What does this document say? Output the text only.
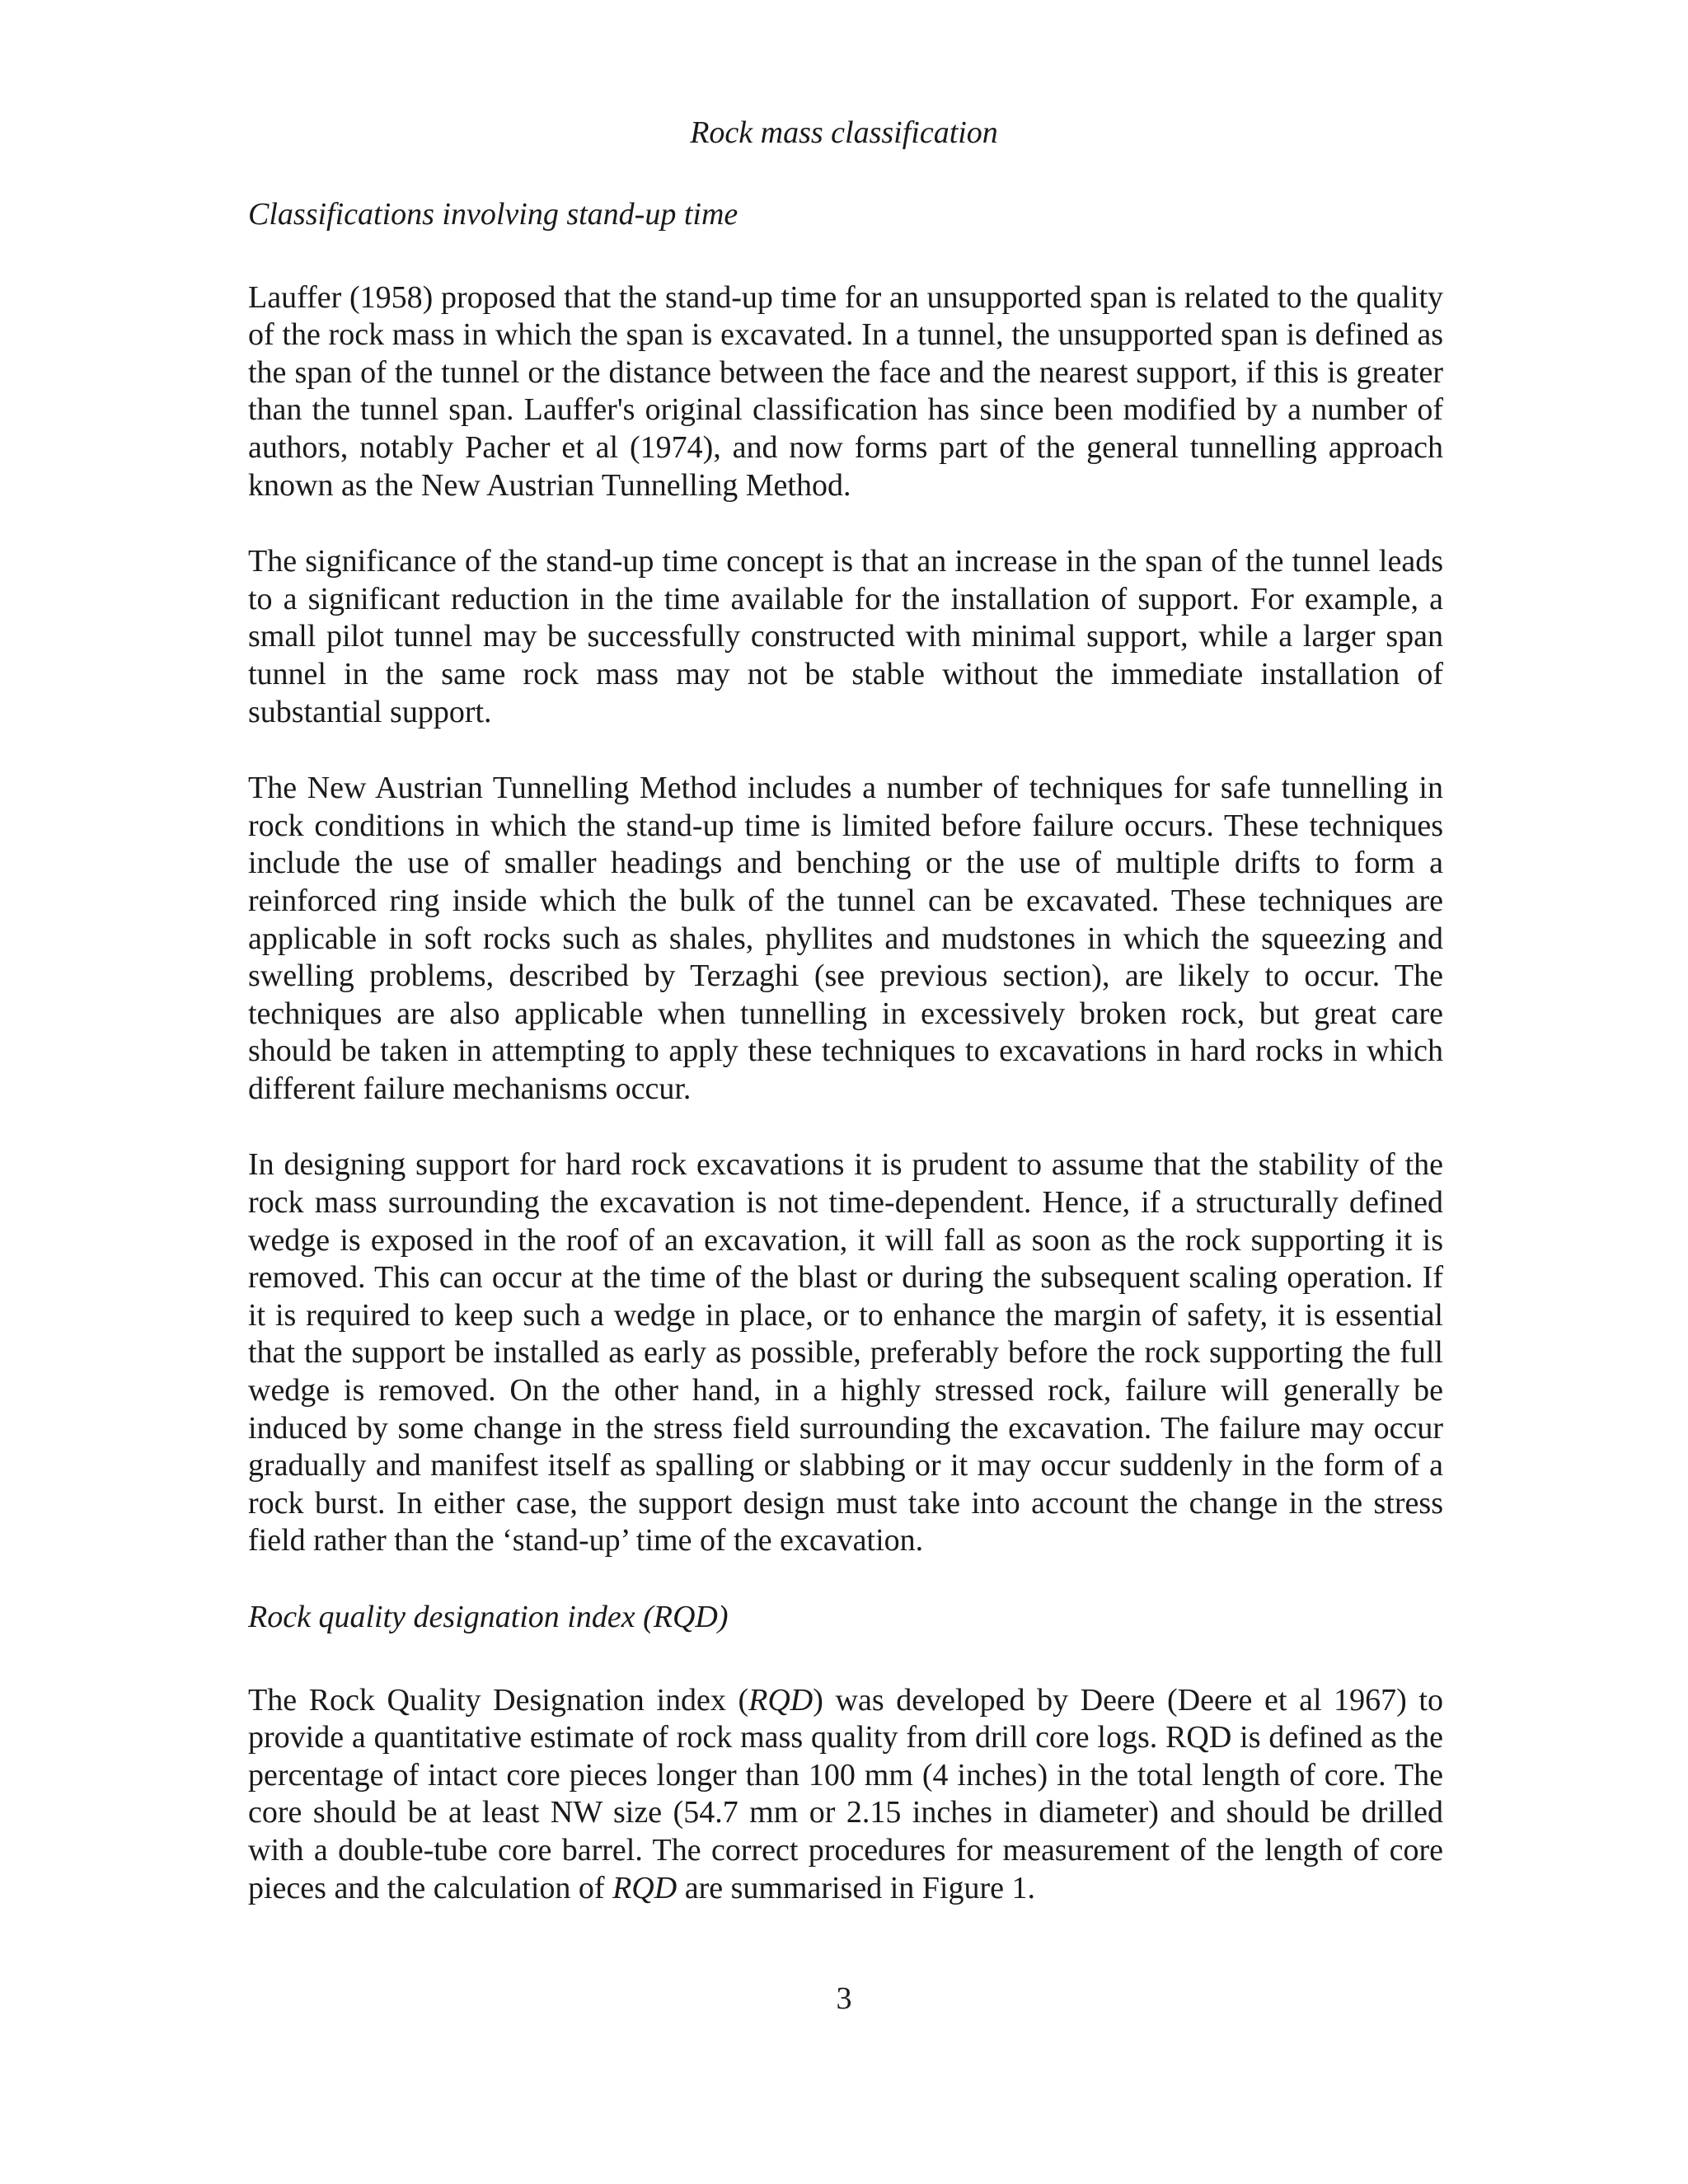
Rock mass classification

Classifications involving stand-up time

Lauffer (1958) proposed that the stand-up time for an unsupported span is related to the quality of the rock mass in which the span is excavated. In a tunnel, the unsupported span is defined as the span of the tunnel or the distance between the face and the nearest support, if this is greater than the tunnel span. Lauffer's original classification has since been modified by a number of authors, notably Pacher et al (1974), and now forms part of the general tunnelling approach known as the New Austrian Tunnelling Method.

The significance of the stand-up time concept is that an increase in the span of the tunnel leads to a significant reduction in the time available for the installation of support. For example, a small pilot tunnel may be successfully constructed with minimal support, while a larger span tunnel in the same rock mass may not be stable without the immediate installation of substantial support.

The New Austrian Tunnelling Method includes a number of techniques for safe tunnelling in rock conditions in which the stand-up time is limited before failure occurs. These techniques include the use of smaller headings and benching or the use of multiple drifts to form a reinforced ring inside which the bulk of the tunnel can be excavated. These techniques are applicable in soft rocks such as shales, phyllites and mudstones in which the squeezing and swelling problems, described by Terzaghi (see previous section), are likely to occur. The techniques are also applicable when tunnelling in excessively broken rock, but great care should be taken in attempting to apply these techniques to excavations in hard rocks in which different failure mechanisms occur.

In designing support for hard rock excavations it is prudent to assume that the stability of the rock mass surrounding the excavation is not time-dependent. Hence, if a structurally defined wedge is exposed in the roof of an excavation, it will fall as soon as the rock supporting it is removed. This can occur at the time of the blast or during the subsequent scaling operation. If it is required to keep such a wedge in place, or to enhance the margin of safety, it is essential that the support be installed as early as possible, preferably before the rock supporting the full wedge is removed. On the other hand, in a highly stressed rock, failure will generally be induced by some change in the stress field surrounding the excavation. The failure may occur gradually and manifest itself as spalling or slabbing or it may occur suddenly in the form of a rock burst. In either case, the support design must take into account the change in the stress field rather than the ‘stand-up’ time of the excavation.

Rock quality designation index (RQD)

The Rock Quality Designation index (RQD) was developed by Deere (Deere et al 1967) to provide a quantitative estimate of rock mass quality from drill core logs. RQD is defined as the percentage of intact core pieces longer than 100 mm (4 inches) in the total length of core. The core should be at least NW size (54.7 mm or 2.15 inches in diameter) and should be drilled with a double-tube core barrel. The correct procedures for measurement of the length of core pieces and the calculation of RQD are summarised in Figure 1.

3
